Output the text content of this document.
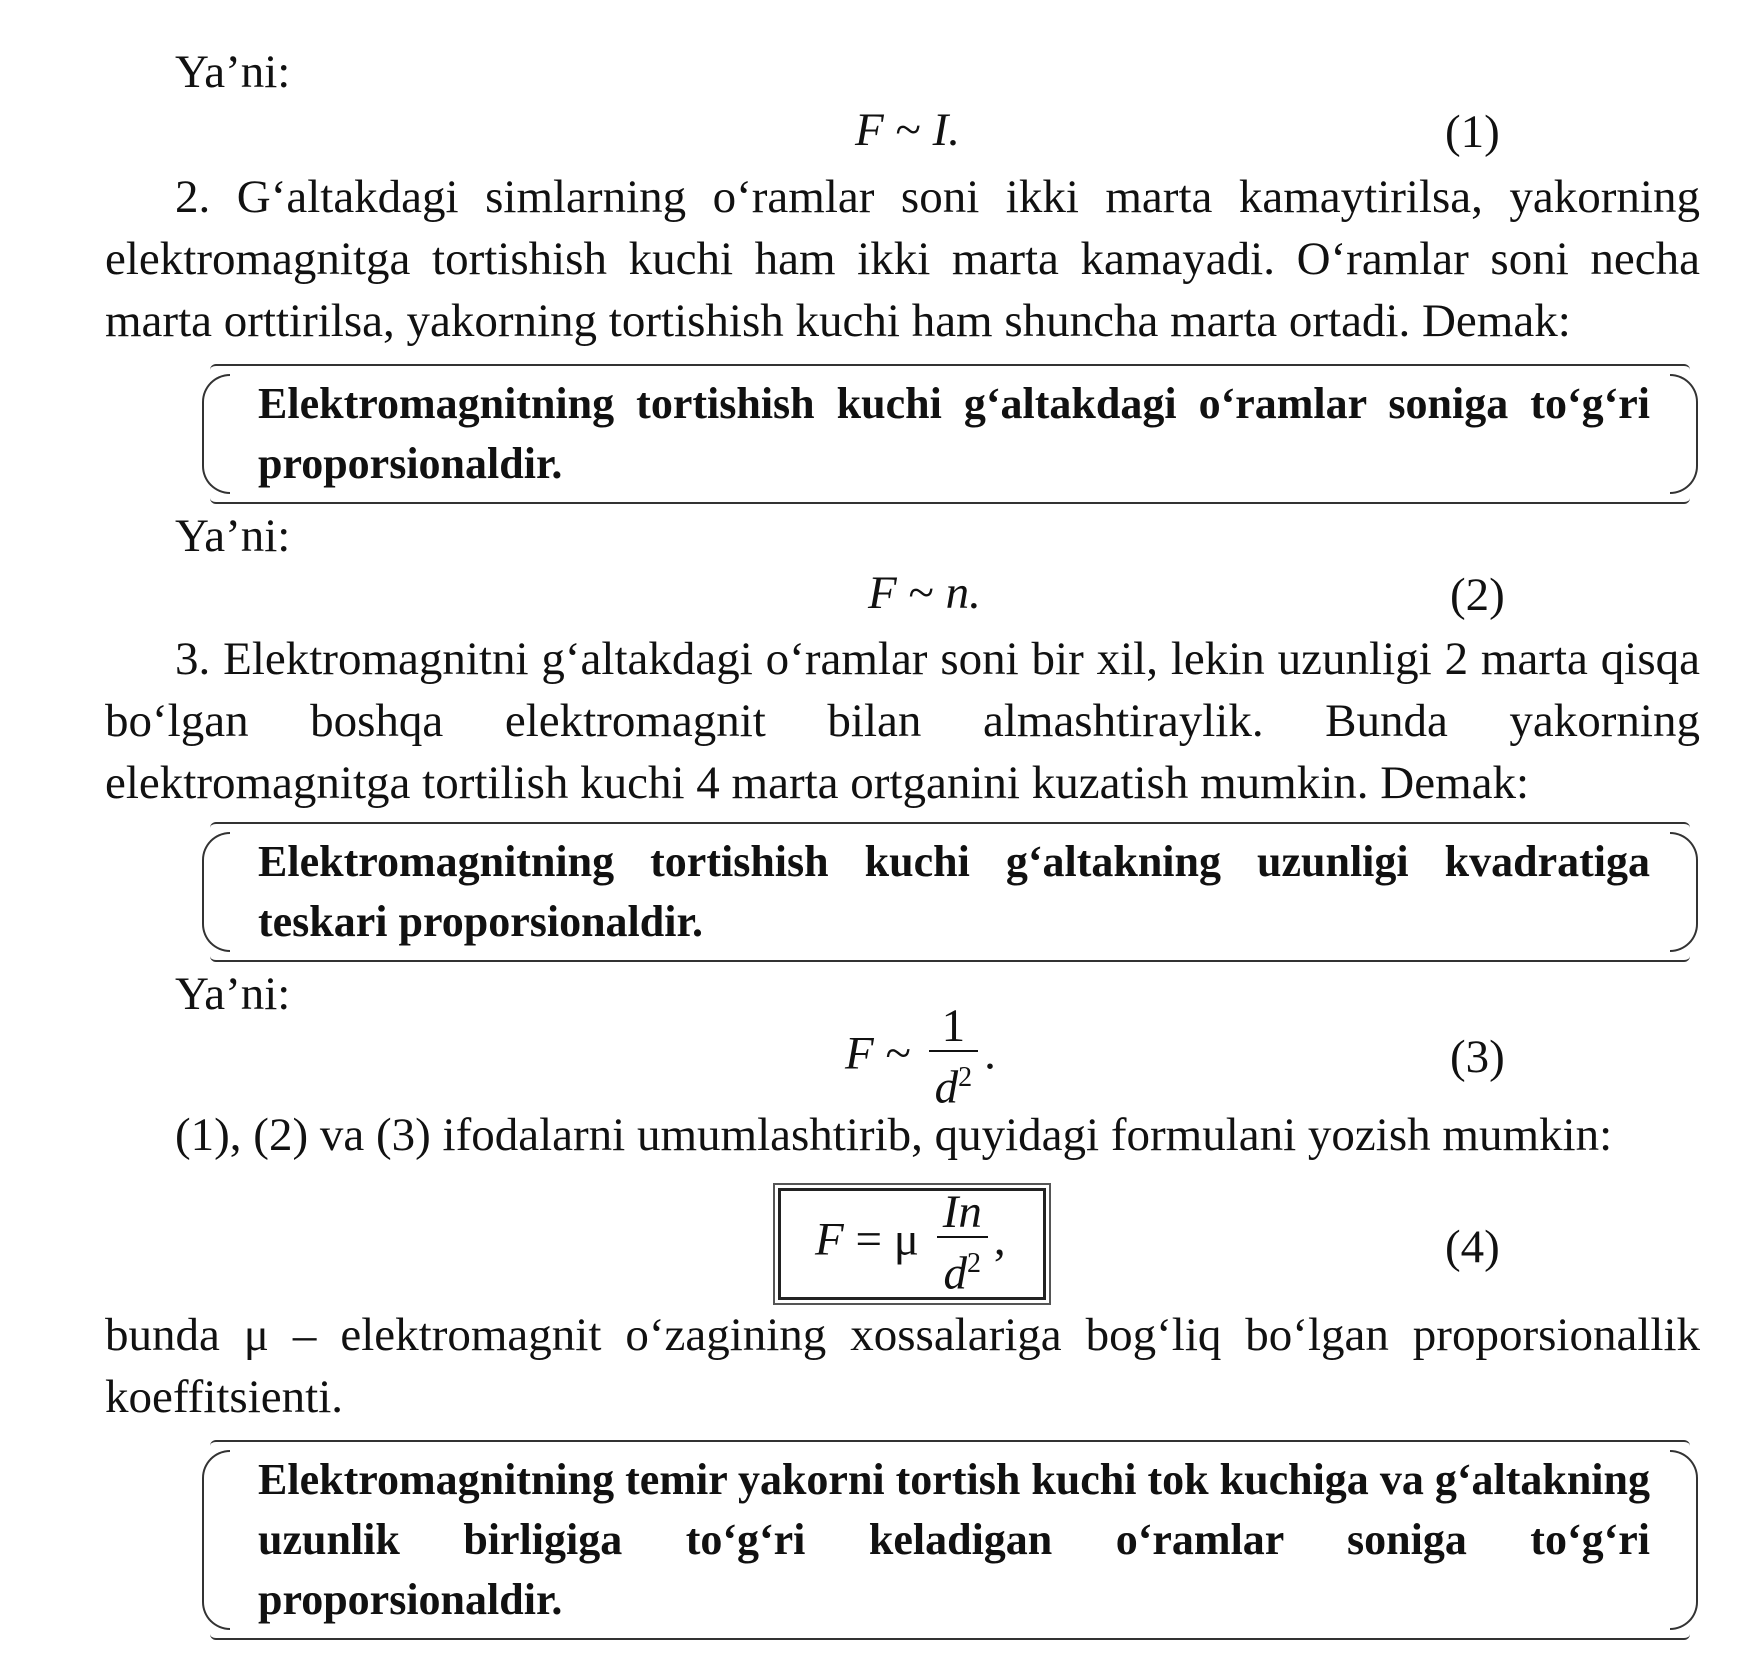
Ya’ni:
F ~ I.	(1)
2. G‘altakdagi simlarning o‘ramlar soni ikki marta kamaytirilsa, yakorning elektromagnitga tortishish kuchi ham ikki marta kamayadi. O‘ramlar soni necha marta orttirilsa, yakorning tortishish kuchi ham shuncha marta ortadi. Demak:
Elektromagnitning tortishish kuchi g‘altakdagi o‘ramlar soniga to‘g‘ri proporsionaldir.
Ya’ni:
F ~ n.	(2)
3. Elektromagnitni g‘altakdagi o‘ramlar soni bir xil, lekin uzunligi 2 marta qisqa bo‘lgan boshqa elektromagnit bilan almashtiraylik. Bunda yakorning elektromagnitga tortilish kuchi 4 marta ortganini kuzatish mumkin. Demak:
Elektromagnitning tortishish kuchi g‘altakning uzunligi kvadratiga teskari proporsionaldir.
Ya’ni:
F ~ $\frac{1}{d^2}$ .	(3)
(1), (2) va (3) ifodalarni umumlashtirib, quyidagi formulani yozish mumkin:
F = μ $\frac{In}{d^2}$ ,	(4)
bunda μ – elektromagnit o‘zagining xossalariga bog‘liq bo‘lgan proporsionallik koeffitsienti.
Elektromagnitning temir yakorni tortish kuchi tok kuchiga va g‘altakning uzunlik birligiga to‘g‘ri keladigan o‘ramlar soniga to‘g‘ri proporsionaldir.
